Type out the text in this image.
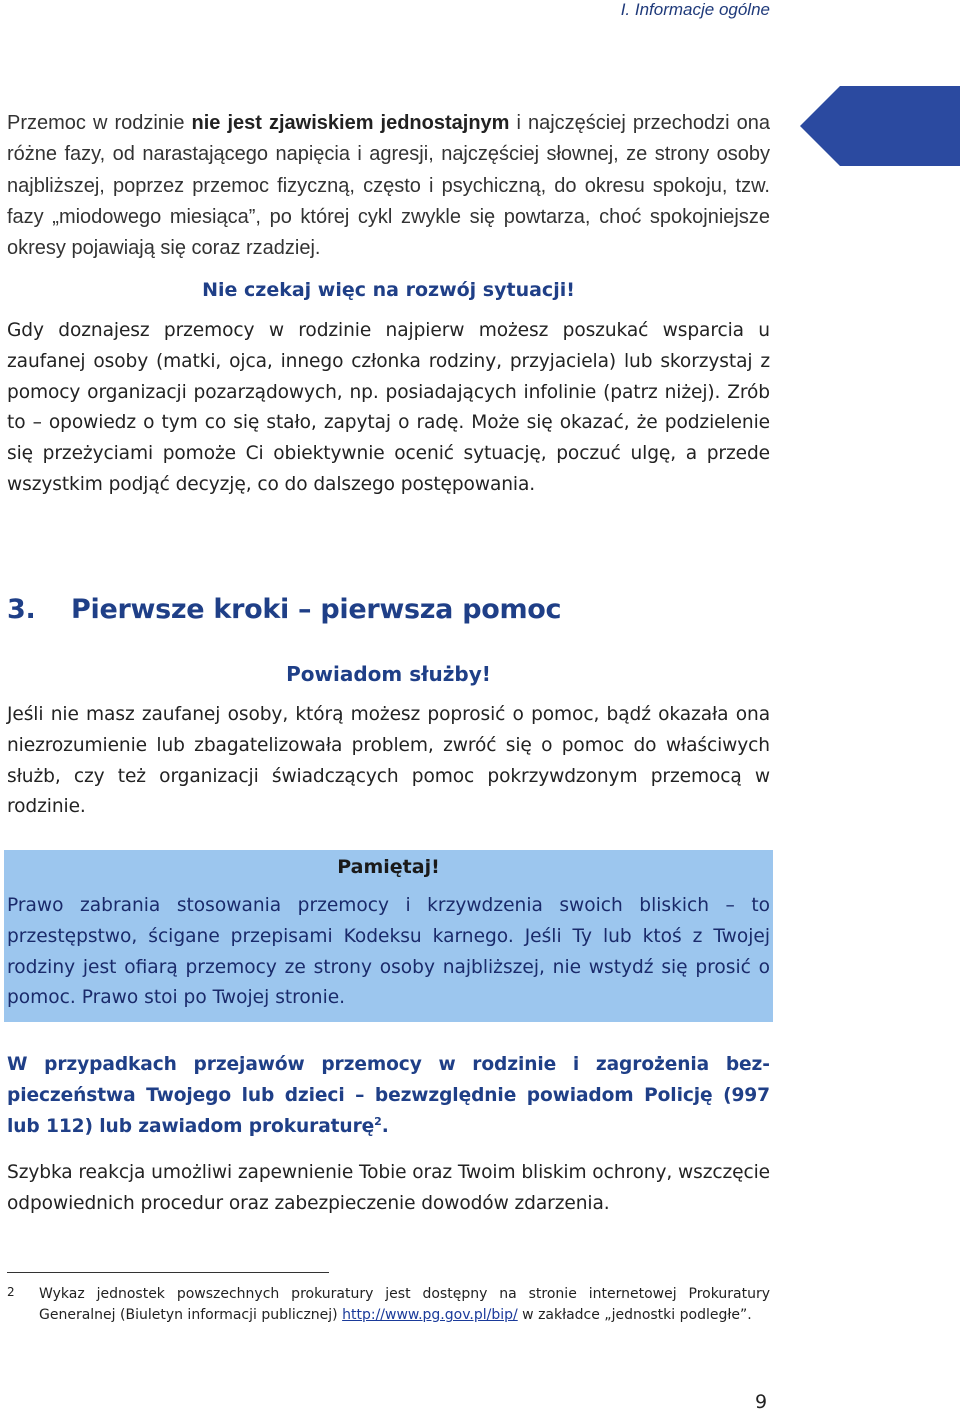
I. Informacje ogólne

Przemoc w rodzinie nie jest zjawiskiem jednostajnym i najczęściej przechodzi ona różne fazy, od narastającego napięcia i agresji, najczęściej słownej, ze strony osoby najbliższej, poprzez przemoc fizyczną, często i psychiczną, do okresu spokoju, tzw. fazy „miodowego miesiąca”, po której cykl zwykle się powtarza, choć spokojniejsze okresy pojawiają się coraz rzadziej.

Nie czekaj więc na rozwój sytuacji!

Gdy doznajesz przemocy w rodzinie najpierw możesz poszukać wsparcia u zaufanej osoby (matki, ojca, innego członka rodziny, przyjaciela) lub skorzystaj z pomocy organizacji pozarządowych, np. posiadających infolinie (patrz niżej). Zrób to – opowiedz o tym co się stało, zapytaj o radę. Może się okazać, że podzielenie się przeżyciami pomoże Ci obiektywnie ocenić sytuację, poczuć ulgę, a przede wszystkim podjąć decyzję, co do dalszego postępowania.

3. Pierwsze kroki – pierwsza pomoc

Powiadom służby!

Jeśli nie masz zaufanej osoby, którą możesz poprosić o pomoc, bądź okazała ona niezrozumienie lub zbagatelizowała problem, zwróć się o pomoc do właściwych służb, czy też organizacji świadczących pomoc pokrzywdzonym przemocą w rodzinie.

Pamiętaj!

Prawo zabrania stosowania przemocy i krzywdzenia swoich bliskich – to przestępstwo, ścigane przepisami Kodeksu karnego. Jeśli Ty lub ktoś z Twojej rodziny jest ofiarą przemocy ze strony osoby najbliższej, nie wstydź się prosić o pomoc. Prawo stoi po Twojej stronie.

W przypadkach przejawów przemocy w rodzinie i zagrożenia bezpieczeństwa Twojego lub dzieci – bezwzględnie powiadom Policję (997 lub 112) lub zawiadom prokuraturę$^2$.

Szybka reakcja umożliwi zapewnienie Tobie oraz Twoim bliskim ochrony, wszczęcie odpowiednich procedur oraz zabezpieczenie dowodów zdarzenia.

2 Wykaz jednostek powszechnych prokuratury jest dostępny na stronie internetowej Prokuratury Generalnej (Biuletyn informacji publicznej) http://www.pg.gov.pl/bip/ w zakładce „jednostki podległe”.

9
